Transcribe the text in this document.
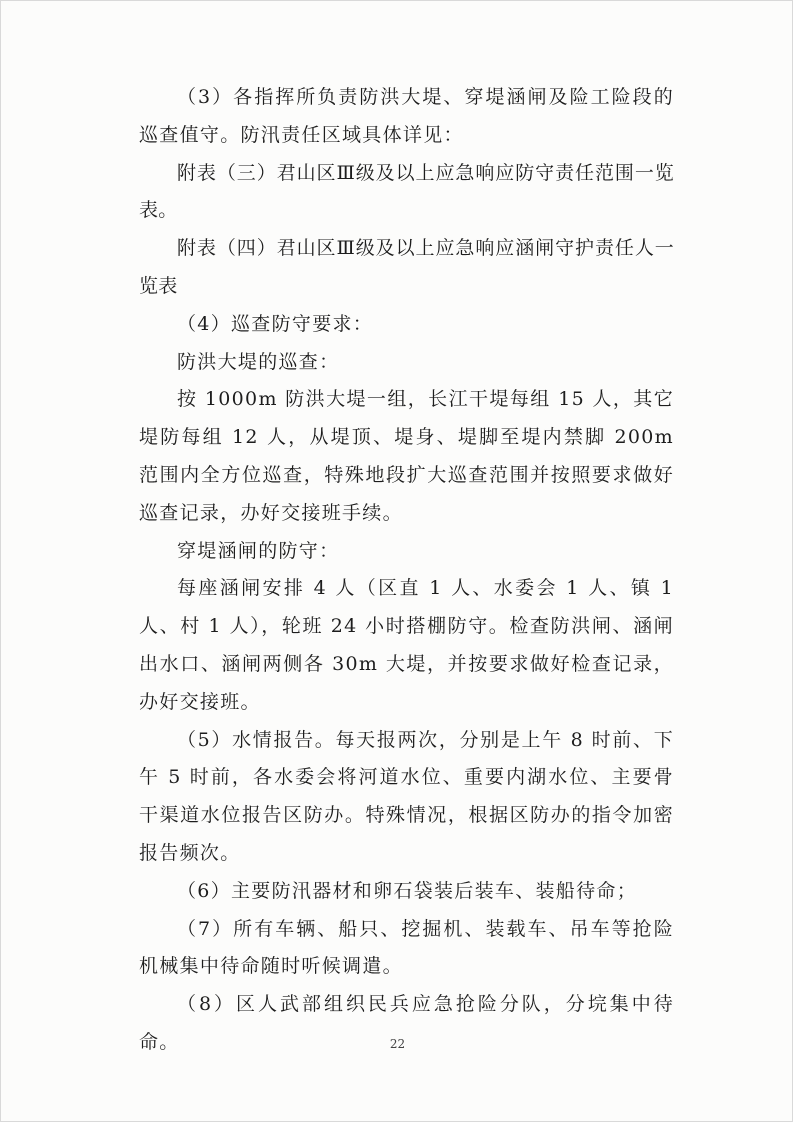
（3）各指挥所负责防洪大堤、穿堤涵闸及险工险段的巡查值守。防汛责任区域具体详见：

附表（三）君山区Ⅲ级及以上应急响应防守责任范围一览表。

附表（四）君山区Ⅲ级及以上应急响应涵闸守护责任人一览表

（4）巡查防守要求：

防洪大堤的巡查：

按 1000m 防洪大堤一组，长江干堤每组 15 人，其它堤防每组 12 人，从堤顶、堤身、堤脚至堤内禁脚 200m 范围内全方位巡查，特殊地段扩大巡查范围并按照要求做好巡查记录，办好交接班手续。

穿堤涵闸的防守：

每座涵闸安排 4 人（区直 1 人、水委会 1 人、镇 1 人、村 1 人），轮班 24 小时搭棚防守。检查防洪闸、涵闸出水口、涵闸两侧各 30m 大堤，并按要求做好检查记录，办好交接班。

（5）水情报告。每天报两次，分别是上午 8 时前、下午 5 时前，各水委会将河道水位、重要内湖水位、主要骨干渠道水位报告区防办。特殊情况，根据区防办的指令加密报告频次。

（6）主要防汛器材和卵石袋装后装车、装船待命；

（7）所有车辆、船只、挖掘机、装载车、吊车等抢险机械集中待命随时听候调遣。

（8）区人武部组织民兵应急抢险分队，分垸集中待命。	22
